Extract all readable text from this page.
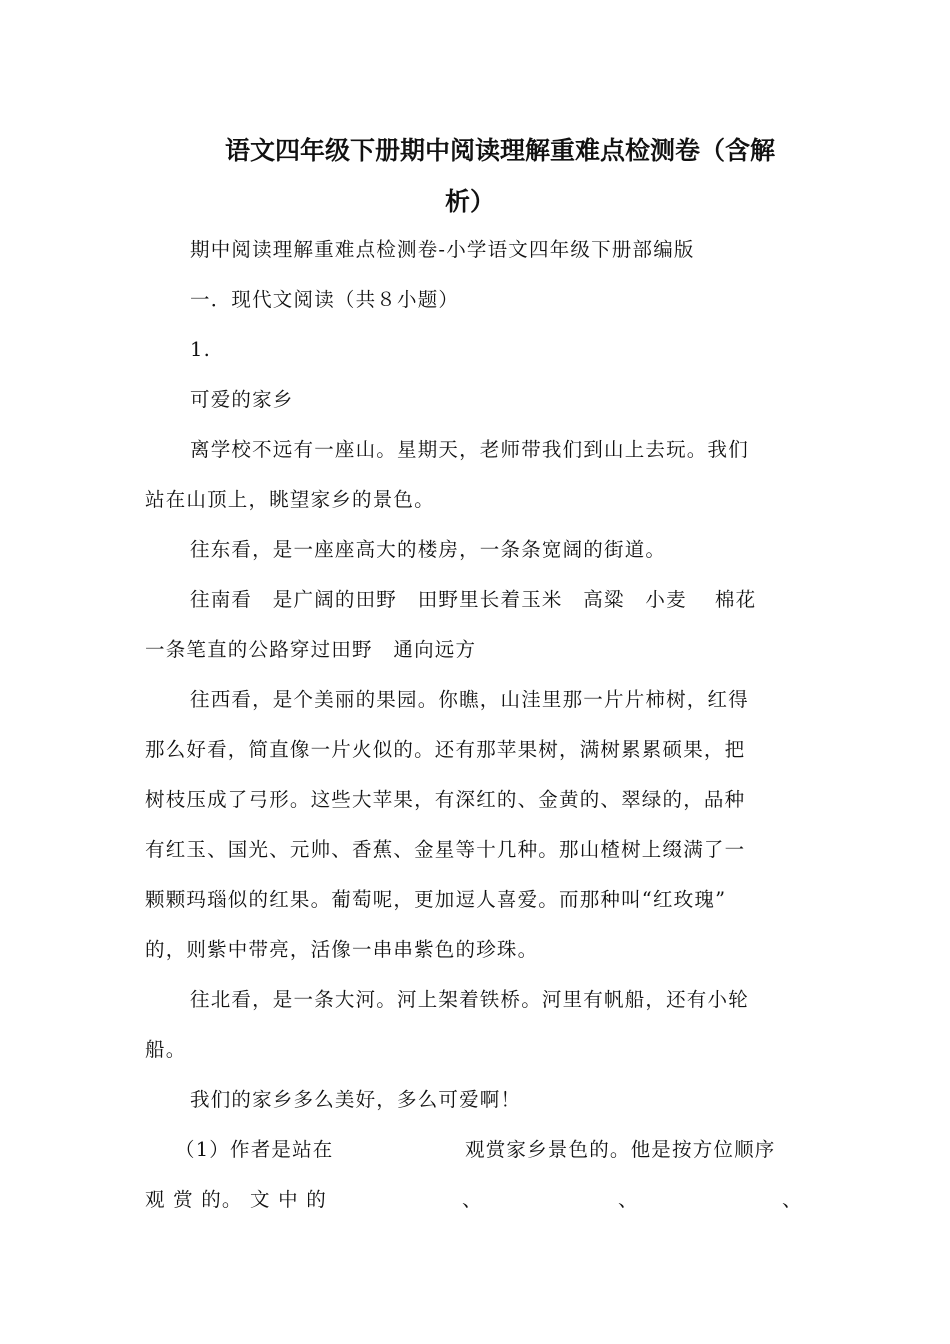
语文四年级下册期中阅读理解重难点检测卷（含解
析）
期中阅读理解重难点检测卷-小学语文四年级下册部编版
一．现代文阅读（共８小题）
1.
可爱的家乡
离学校不远有一座山。星期天，老师带我们到山上去玩。我们
站在山顶上，眺望家乡的景色。
往东看，是一座座高大的楼房，一条条宽阔的街道。
往南看　是广阔的田野　田野里长着玉米　高粱　小麦　 棉花
一条笔直的公路穿过田野　通向远方
往西看，是个美丽的果园。你瞧，山洼里那一片片柿树，红得
那么好看，简直像一片火似的。还有那苹果树，满树累累硕果，把
树枝压成了弓形。这些大苹果，有深红的、金黄的、翠绿的，品种
有红玉、国光、元帅、香蕉、金星等十几种。那山楂树上缀满了一
颗颗玛瑙似的红果。葡萄呢，更加逗人喜爱。而那种叫“红玫瑰”
的，则紫中带亮，活像一串串紫色的珍珠。
往北看，是一条大河。河上架着铁桥。河里有帆船，还有小轮
船。
我们的家乡多么美好，多么可爱啊！
（1）作者是站在	观赏家乡景色的。他是按方位顺序
观 赏 的。 文 中 的	、	、	、
